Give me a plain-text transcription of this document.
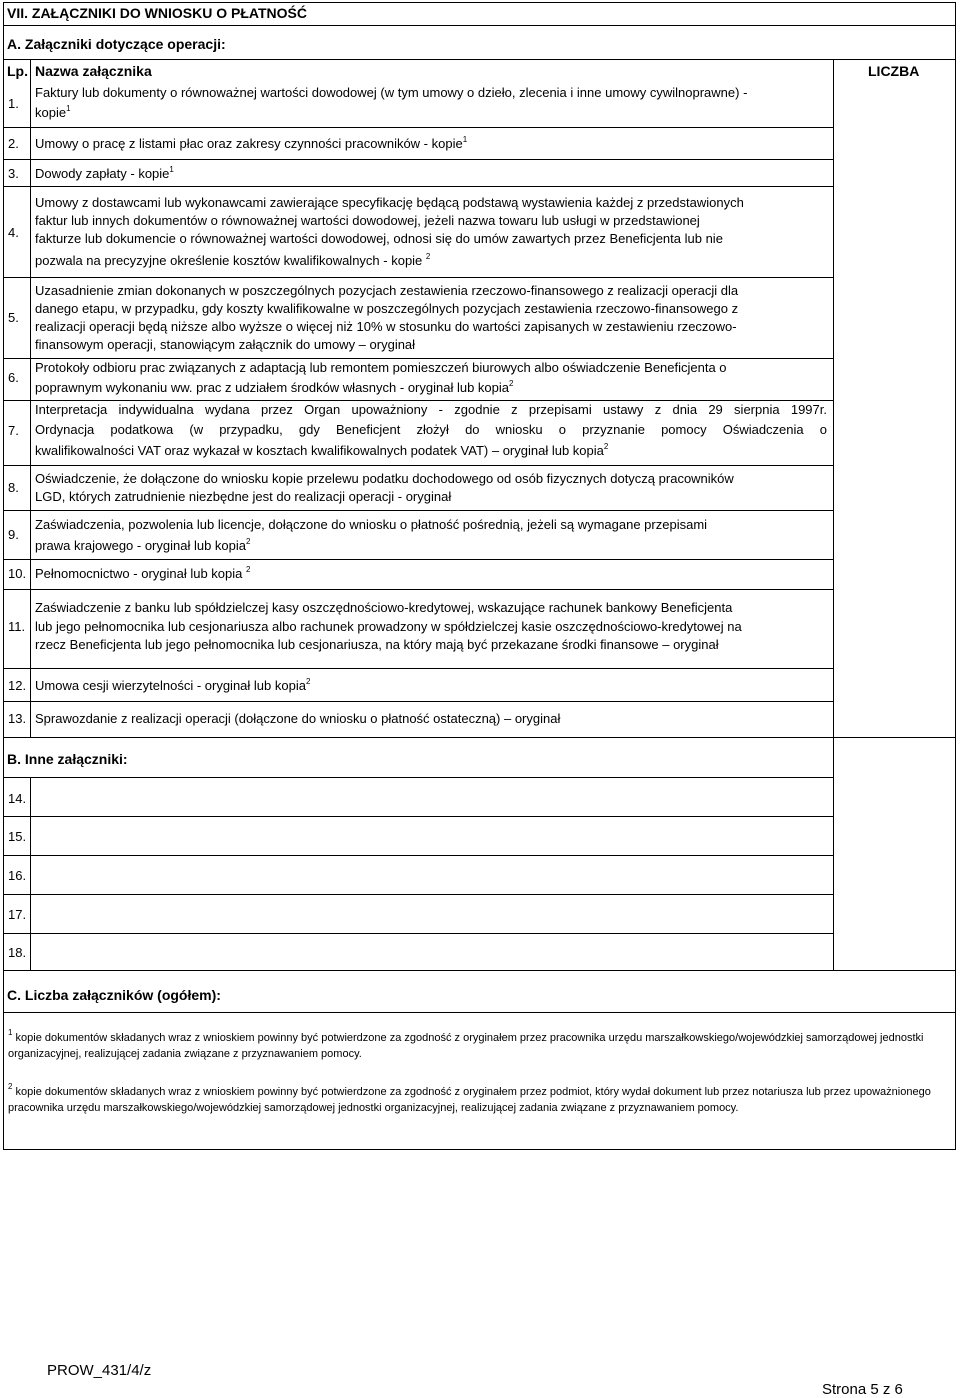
VII. ZAŁĄCZNIKI DO WNIOSKU O PŁATNOŚĆ
A. Załączniki dotyczące operacji:
Lp. Nazwa załącznika	LICZBA
1.
Faktury lub dokumenty o równoważnej wartości dowodowej (w tym umowy o dzieło, zlecenia i inne umowy cywilnoprawne) -
kopie$^1$
2. Umowy o pracę z listami płac oraz zakresy czynności pracowników - kopie$^1$
3. Dowody zapłaty - kopie$^1$
4.
Umowy z dostawcami lub wykonawcami zawierające specyfikację będącą podstawą wystawienia każdej z przedstawionych
faktur lub innych dokumentów o równoważnej wartości dowodowej, jeżeli nazwa towaru lub usługi w przedstawionej
fakturze lub dokumencie o równoważnej wartości dowodowej, odnosi się do umów zawartych przez Beneficjenta lub nie
pozwala na precyzyjne określenie kosztów kwalifikowalnych - kopie $^2$
5.
Uzasadnienie zmian dokonanych w poszczególnych pozycjach zestawienia rzeczowo-finansowego z realizacji operacji dla
danego etapu, w przypadku, gdy koszty kwalifikowalne w poszczególnych pozycjach zestawienia rzeczowo-finansowego z
realizacji operacji będą niższe albo wyższe o więcej niż 10% w stosunku do wartości zapisanych w zestawieniu rzeczowo-
finansowym operacji, stanowiącym załącznik do umowy – oryginał
6.
Protokoły odbioru prac związanych z adaptacją lub remontem pomieszczeń biurowych albo oświadczenie Beneficjenta o
poprawnym wykonaniu ww. prac z udziałem środków własnych - oryginał lub kopia$^2$
7.
Interpretacja indywidualna wydana przez Organ upoważniony - zgodnie z przepisami ustawy z dnia 29 sierpnia 1997r.
Ordynacja podatkowa (w przypadku, gdy Beneficjent złożył do wniosku o przyznanie pomocy Oświadczenia o
kwalifikowalności VAT oraz wykazał w kosztach kwalifikowalnych podatek VAT) – oryginał lub kopia$^2$
8.
Oświadczenie, że dołączone do wniosku kopie przelewu podatku dochodowego od osób fizycznych dotyczą pracowników
LGD, których zatrudnienie niezbędne jest do realizacji operacji - oryginał
9.
Zaświadczenia, pozwolenia lub licencje, dołączone do wniosku o płatność pośrednią, jeżeli są wymagane przepisami
prawa krajowego - oryginał lub kopia$^2$
10. Pełnomocnictwo - oryginał lub kopia $^2$
11.
Zaświadczenie z banku lub spółdzielczej kasy oszczędnościowo-kredytowej, wskazujące rachunek bankowy Beneficjenta
lub jego pełnomocnika lub cesjonariusza albo rachunek prowadzony w spółdzielczej kasie oszczędnościowo-kredytowej na
rzecz Beneficjenta lub jego pełnomocnika lub cesjonariusza, na który mają być przekazane środki finansowe – oryginał
12. Umowa cesji wierzytelności - oryginał lub kopia$^2$
13. Sprawozdanie z realizacji operacji (dołączone do wniosku o płatność ostateczną) – oryginał
B. Inne załączniki:
14.
15.
16.
17.
18.
C. Liczba załączników (ogółem):
$^1$ kopie dokumentów składanych wraz z wnioskiem powinny być potwierdzone za zgodność z oryginałem przez pracownika urzędu marszałkowskiego/wojewódzkiej samorządowej jednostki organizacyjnej, realizującej zadania związane z przyznawaniem pomocy.
$^2$ kopie dokumentów składanych wraz z wnioskiem powinny być potwierdzone za zgodność z oryginałem przez podmiot, który wydał dokument lub przez notariusza lub przez upoważnionego pracownika urzędu marszałkowskiego/wojewódzkiej samorządowej jednostki organizacyjnej, realizującej zadania związane z przyznawaniem pomocy.
PROW_431/4/z
Strona 5 z 6
